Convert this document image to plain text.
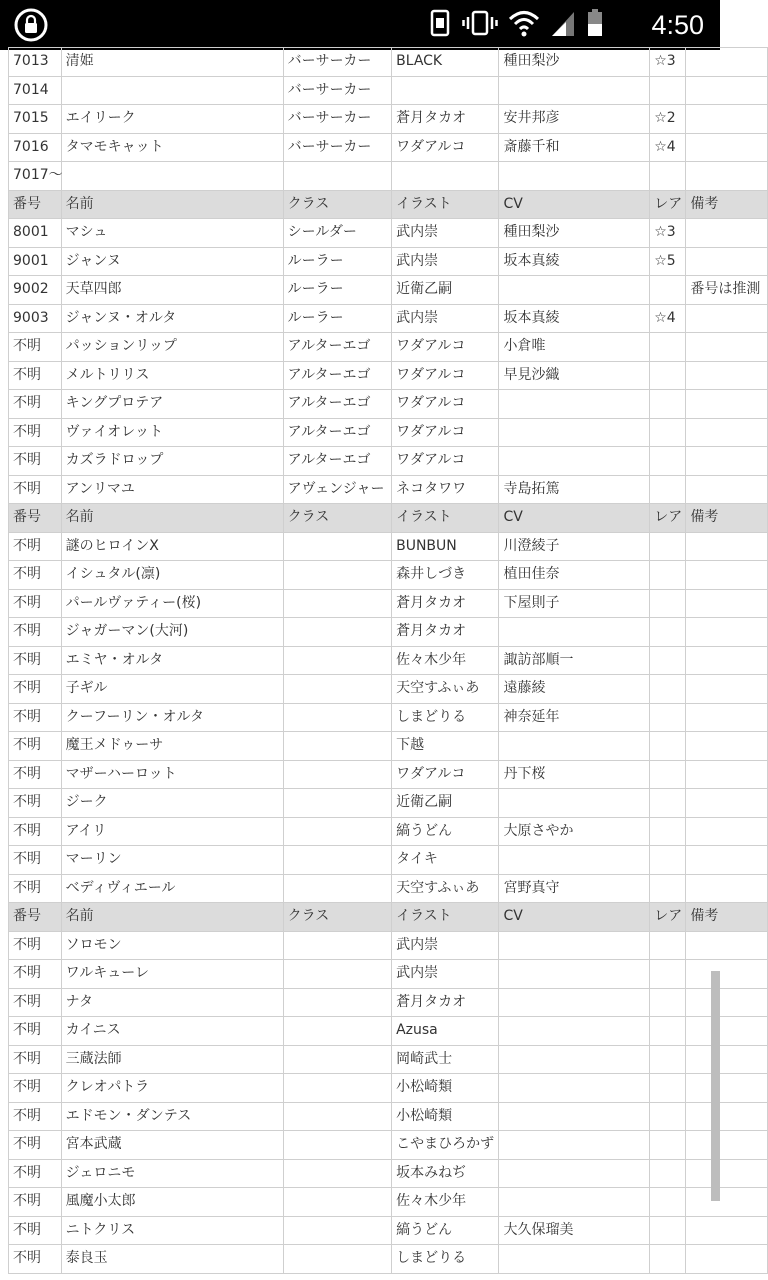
4:50
7013	清姫	バーサーカー	BLACK	種田梨沙	☆3	
7014		バーサーカー				
7015	エイリーク	バーサーカー	蒼月タカオ	安井邦彦	☆2	
7016	タマモキャット	バーサーカー	ワダアルコ	斎藤千和	☆4	
7017～						
番号	名前	クラス	イラスト	CV	レア	備考
8001	マシュ	シールダー	武内崇	種田梨沙	☆3	
9001	ジャンヌ	ルーラー	武内崇	坂本真綾	☆5	
9002	天草四郎	ルーラー	近衛乙嗣			番号は推測
9003	ジャンヌ・オルタ	ルーラー	武内崇	坂本真綾	☆4	
不明	パッションリップ	アルターエゴ	ワダアルコ	小倉唯		
不明	メルトリリス	アルターエゴ	ワダアルコ	早見沙織		
不明	キングプロテア	アルターエゴ	ワダアルコ			
不明	ヴァイオレット	アルターエゴ	ワダアルコ			
不明	カズラドロップ	アルターエゴ	ワダアルコ			
不明	アンリマユ	アヴェンジャー	ネコタワワ	寺島拓篤		
番号	名前	クラス	イラスト	CV	レア	備考
不明	謎のヒロインX		BUNBUN	川澄綾子		
不明	イシュタル(凛)		森井しづき	植田佳奈		
不明	パールヴァティー(桜)		蒼月タカオ	下屋則子		
不明	ジャガーマン(大河)		蒼月タカオ			
不明	エミヤ・オルタ		佐々木少年	諏訪部順一		
不明	子ギル		天空すふぃあ	遠藤綾		
不明	クーフーリン・オルタ		しまどりる	神奈延年		
不明	魔王メドゥーサ		下越			
不明	マザーハーロット		ワダアルコ	丹下桜		
不明	ジーク		近衛乙嗣			
不明	アイリ		縞うどん	大原さやか		
不明	マーリン		タイキ			
不明	ベディヴィエール		天空すふぃあ	宮野真守		
番号	名前	クラス	イラスト	CV	レア	備考
不明	ソロモン		武内崇			
不明	ワルキューレ		武内崇			
不明	ナタ		蒼月タカオ			
不明	カイニス		Azusa			
不明	三蔵法師		岡崎武士			
不明	クレオパトラ		小松崎類			
不明	エドモン・ダンテス		小松崎類			
不明	宮本武蔵		こやまひろかず			
不明	ジェロニモ		坂本みねぢ			
不明	風魔小太郎		佐々木少年			
不明	ニトクリス		縞うどん	大久保瑠美		
不明	泰良玉		しまどりる			
